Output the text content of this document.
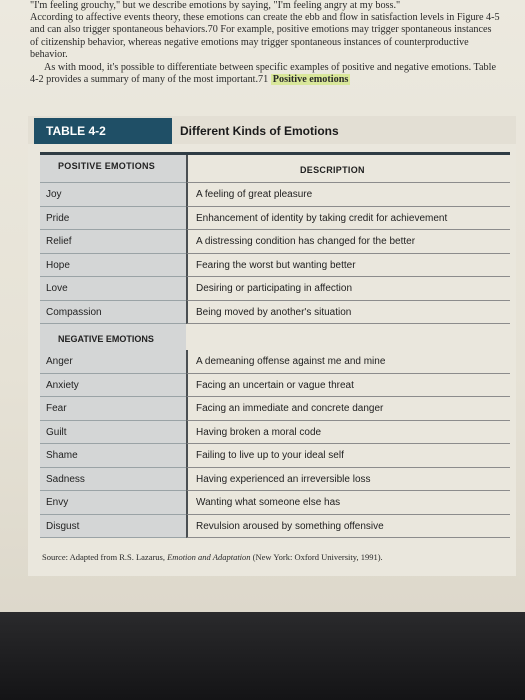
"I'm feeling grouchy," but we describe emotions by saying, "I'm feeling angry at my boss."

According to affective events theory, these emotions can create the ebb and flow in satisfaction levels in Figure 4-5 and can also trigger spontaneous behaviors.70 For example, positive emotions may trigger spontaneous instances of citizenship behavior, whereas negative emotions may trigger spontaneous instances of counterproductive behavior.

As with mood, it's possible to differentiate between specific examples of positive and negative emotions. Table 4-2 provides a summary of many of the most important.71 Positive emotions

TABLE 4-2	Different Kinds of Emotions
POSITIVE EMOTIONS	DESCRIPTION
Joy	A feeling of great pleasure
Pride	Enhancement of identity by taking credit for achievement
Relief	A distressing condition has changed for the better
Hope	Fearing the worst but wanting better
Love	Desiring or participating in affection
Compassion	Being moved by another's situation
NEGATIVE EMOTIONS
Anger	A demeaning offense against me and mine
Anxiety	Facing an uncertain or vague threat
Fear	Facing an immediate and concrete danger
Guilt	Having broken a moral code
Shame	Failing to live up to your ideal self
Sadness	Having experienced an irreversible loss
Envy	Wanting what someone else has
Disgust	Revulsion aroused by something offensive
Source: Adapted from R.S. Lazarus, Emotion and Adaptation (New York: Oxford University, 1991).
